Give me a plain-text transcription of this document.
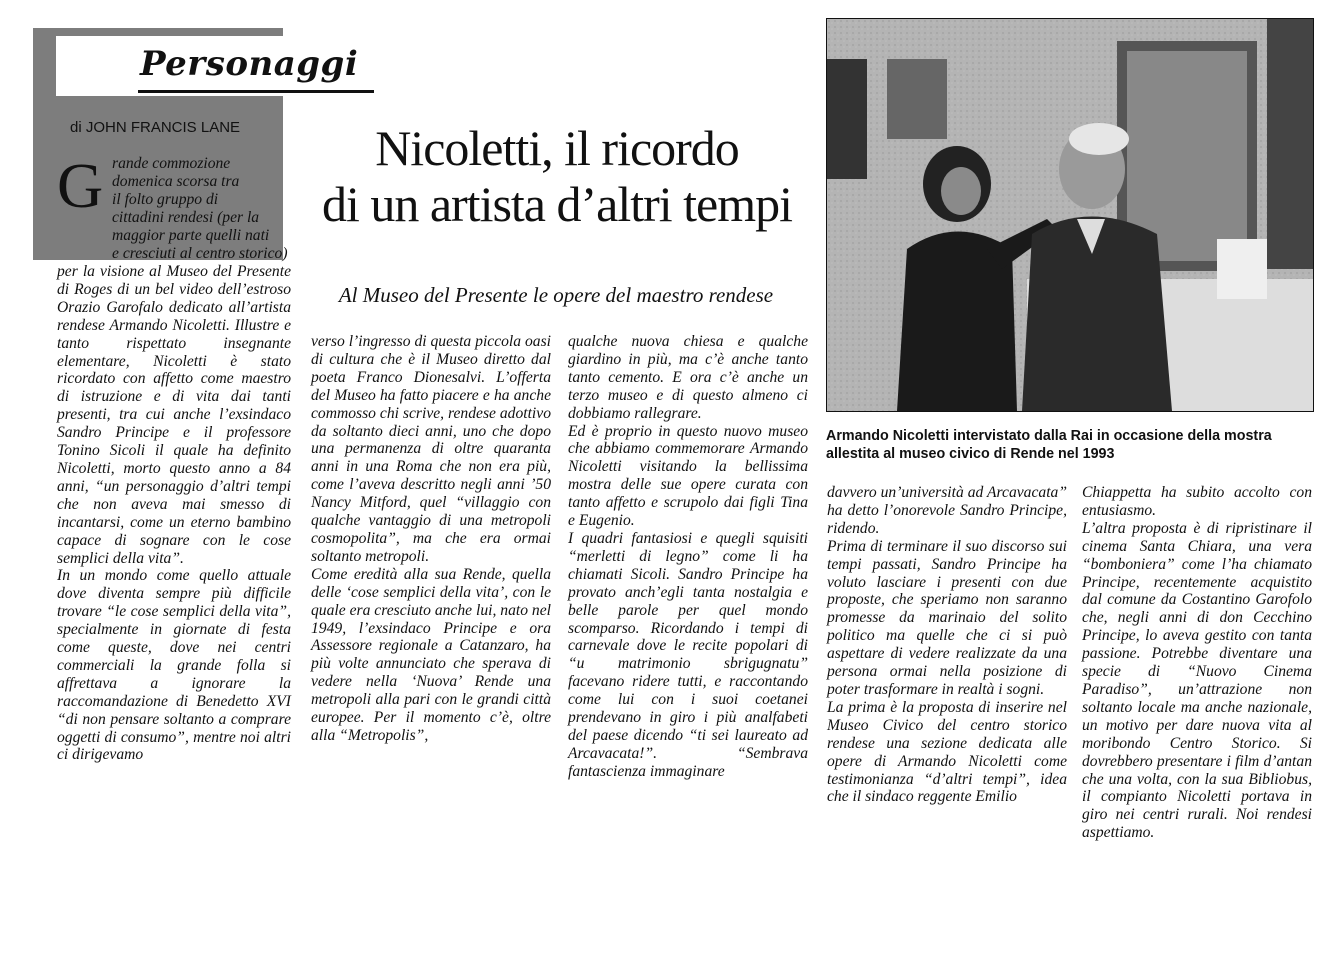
Personaggi
di JOHN FRANCIS LANE	Nicoletti, il ricordo
di un artista d’altri tempi
Al Museo del Presente le opere del maestro rendese
G rande commozione
domenica scorsa tra
il folto gruppo di
cittadini rendesi (per la
maggior parte quelli nati
e cresciuti al centro storico)
per la visione al Museo del Presente di Roges di un bel video dell’estroso Orazio Garofalo dedicato all’artista rendese Armando Nicoletti. Illustre e tanto rispettato insegnante elementare, Nicoletti è stato ricordato con affetto come maestro di istruzione e di vita dai tanti presenti, tra cui anche l’exsindaco Sandro Principe e il professore Tonino Sicoli il quale ha definito Nicoletti, morto questo anno a 84 anni, “un personaggio d’altri tempi che non aveva mai smesso di incantarsi, come un eterno bambino capace di sognare con le cose semplici della vita”.
In un mondo come quello attuale dove diventa sempre più difficile trovare “le cose semplici della vita”, specialmente in giornate di festa come queste, dove nei centri commerciali la grande folla si affrettava a ignorare la raccomandazione di Benedetto XVI “di non pensare soltanto a comprare oggetti di consumo”, mentre noi altri ci dirigevamo
verso l’ingresso di questa piccola oasi di cultura che è il Museo diretto dal poeta Franco Dionesalvi. L’offerta del Museo ha fatto piacere e ha anche commosso chi scrive, rendese adottivo da soltanto dieci anni, uno che dopo una permanenza di oltre quaranta anni in una Roma che non era più, come l’aveva descritto negli anni ’50 Nancy Mitford, quel “villaggio con qualche vantaggio di una metropoli cosmopolita”, ma che era ormai soltanto metropoli.
Come eredità alla sua Rende, quella delle ‘cose semplici della vita’, con le quale era cresciuto anche lui, nato nel 1949, l’exsindaco Principe e ora Assessore regionale a Catanzaro, ha più volte annunciato che sperava di vedere nella ‘Nuova’ Rende una metropoli alla pari con le grandi città europee. Per il momento c’è, oltre alla “Metropolis”,
qualche nuova chiesa e qualche giardino in più, ma c’è anche tanto tanto cemento. E ora c’è anche un terzo museo e di questo almeno ci dobbiamo rallegrare.
Ed è proprio in questo nuovo museo che abbiamo commemorare Armando Nicoletti visitando la bellissima mostra delle sue opere curata con tanto affetto e scrupolo dai figli Tina e Eugenio.
I quadri fantasiosi e quegli squisiti “merletti di legno” come li ha chiamati Sicoli. Sandro Principe ha provato anch’egli tanta nostalgia e belle parole per quel mondo scomparso. Ricordando i tempi di carnevale dove le recite popolari di “u matrimonio sbrigugnatu” facevano ridere tutti, e raccontando come lui con i suoi coetanei prendevano in giro i più analfabeti del paese dicendo “ti sei laureato ad Arcavacata!”. “Sembrava fantascienza immaginare
davvero un’università ad Arcavacata” ha detto l’onorevole Sandro Principe, ridendo.
Prima di terminare il suo discorso sui tempi passati, Sandro Principe ha voluto lasciare i presenti con due proposte, che speriamo non saranno promesse da marinaio del solito politico ma quelle che ci si può aspettare di vedere realizzate da una persona ormai nella posizione di poter trasformare in realtà i sogni.
La prima è la proposta di inserire nel Museo Civico del centro storico rendese una sezione dedicata alle opere di Armando Nicoletti come testimonianza “d’altri tempi”, idea che il sindaco reggente Emilio
Chiappetta ha subito accolto con entusiasmo.
L’altra proposta è di ripristinare il cinema Santa Chiara, una vera “bomboniera” come l’ha chiamato Principe, recentemente acquistito dal comune da Costantino Garofolo che, negli anni di don Cecchino Principe, lo aveva gestito con tanta passione. Potrebbe diventare una specie di “Nuovo Cinema Paradiso”, un’attrazione non soltanto locale ma anche nazionale, un motivo per dare nuova vita al moribondo Centro Storico. Si dovrebbero presentare i film d’antan che una volta, con la sua Bibliobus, il compianto Nicoletti portava in giro nei centri rurali. Noi rendesi aspettiamo.
Armando Nicoletti intervistato dalla Rai in occasione della mostra allestita al museo civico di Rende nel 1993
